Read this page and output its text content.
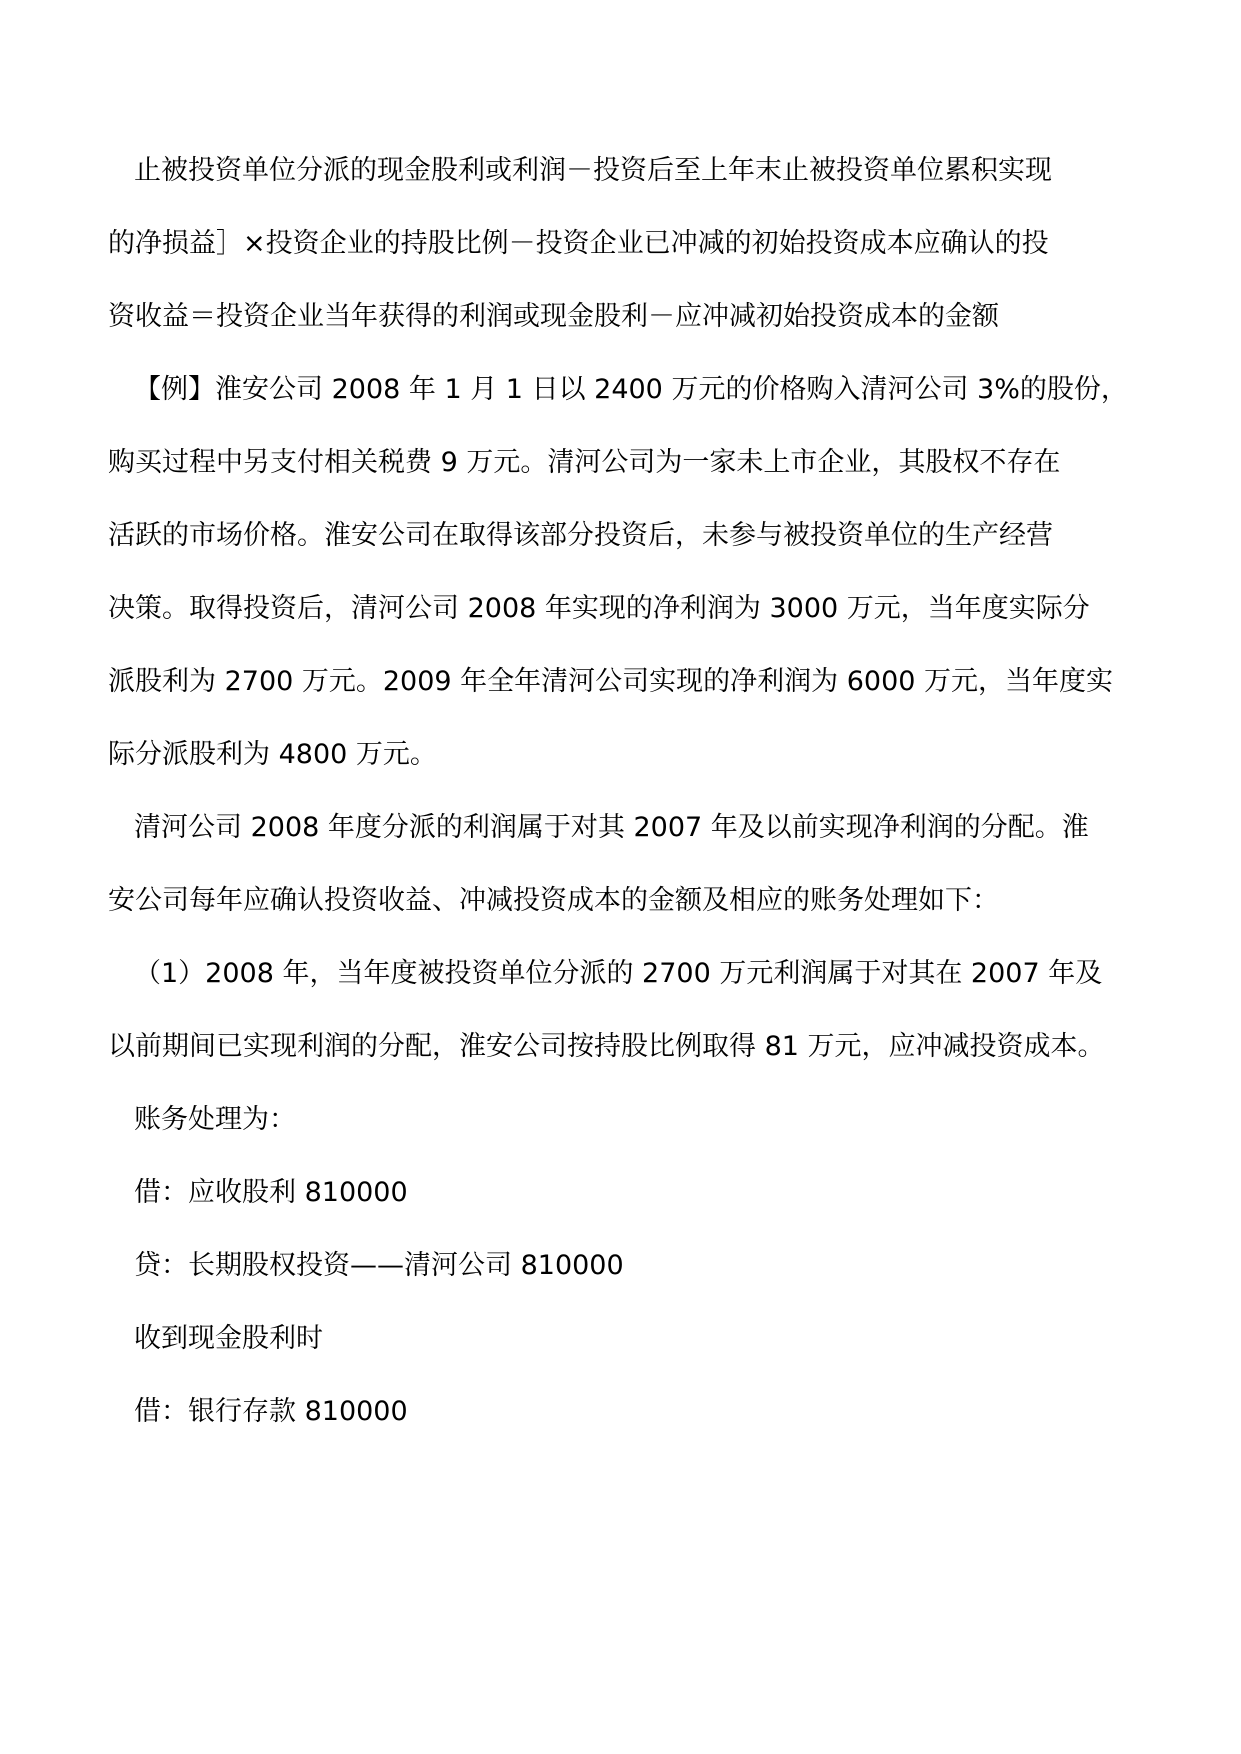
止被投资单位分派的现金股利或利润－投资后至上年末止被投资单位累积实现
的净损益］×投资企业的持股比例－投资企业已冲减的初始投资成本应确认的投
资收益＝投资企业当年获得的利润或现金股利－应冲减初始投资成本的金额
【例】淮安公司 2008 年 1 月 1 日以 2400 万元的价格购入清河公司 3%的股份，
购买过程中另支付相关税费 9 万元。清河公司为一家未上市企业，其股权不存在
活跃的市场价格。淮安公司在取得该部分投资后，未参与被投资单位的生产经营
决策。取得投资后，清河公司 2008 年实现的净利润为 3000 万元，当年度实际分
派股利为 2700 万元。2009 年全年清河公司实现的净利润为 6000 万元，当年度实
际分派股利为 4800 万元。
清河公司 2008 年度分派的利润属于对其 2007 年及以前实现净利润的分配。淮
安公司每年应确认投资收益、冲减投资成本的金额及相应的账务处理如下：
（1）2008 年，当年度被投资单位分派的 2700 万元利润属于对其在 2007 年及
以前期间已实现利润的分配，淮安公司按持股比例取得 81 万元，应冲减投资成本。
账务处理为：
借：应收股利 810000
贷：长期股权投资——清河公司 810000
收到现金股利时
借：银行存款 810000
